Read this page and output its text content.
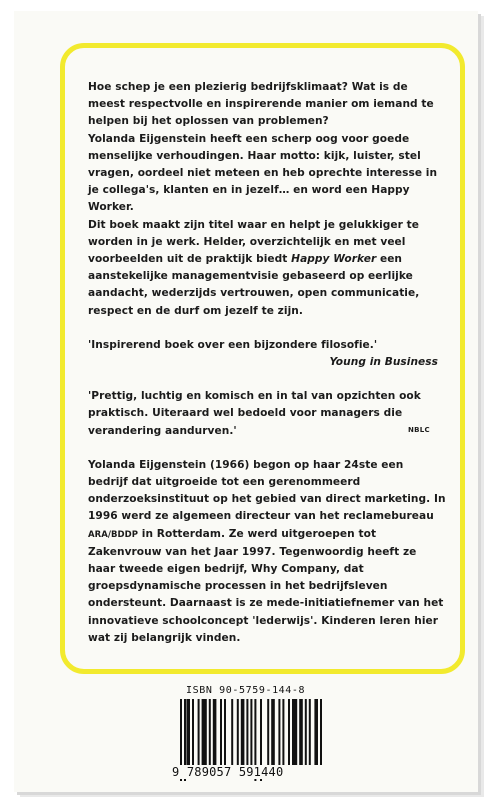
Hoe schep je een plezierig bedrijfsklimaat? Wat is de meest respectvolle en inspirerende manier om iemand te helpen bij het oplossen van problemen?

Yolanda Eijgenstein heeft een scherp oog voor goede menselijke verhoudingen. Haar motto: kijk, luister, stel vragen, oordeel niet meteen en heb oprechte interesse in je collega's, klanten en in jezelf… en word een Happy Worker.

Dit boek maakt zijn titel waar en helpt je gelukkiger te worden in je werk. Helder, overzichtelijk en met veel voorbeelden uit de praktijk biedt Happy Worker een aanstekelijke managementvisie gebaseerd op eerlijke aandacht, wederzijds vertrouwen, open communicatie, respect en de durf om jezelf te zijn.

'Inspirerend boek over een bijzondere filosofie.'

Young in Business

'Prettig, luchtig en komisch en in tal van opzichten ook praktisch. Uiteraard wel bedoeld voor managers die verandering aandurven.'	NBLC

Yolanda Eijgenstein (1966) begon op haar 24ste een bedrijf dat uitgroeide tot een gerenommeerd onderzoeksinstituut op het gebied van direct marketing. In 1996 werd ze algemeen directeur van het reclamebureau ARA/BDDP in Rotterdam. Ze werd uitgeroepen tot Zakenvrouw van het Jaar 1997. Tegenwoordig heeft ze haar tweede eigen bedrijf, Why Company, dat groepsdynamische processen in het bedrijfsleven ondersteunt. Daarnaast is ze mede-initiatiefnemer van het innovatieve schoolconcept 'lederwijs'. Kinderen leren hier wat zij belangrijk vinden.

ISBN 90-5759-144-8
9 789057 591440
